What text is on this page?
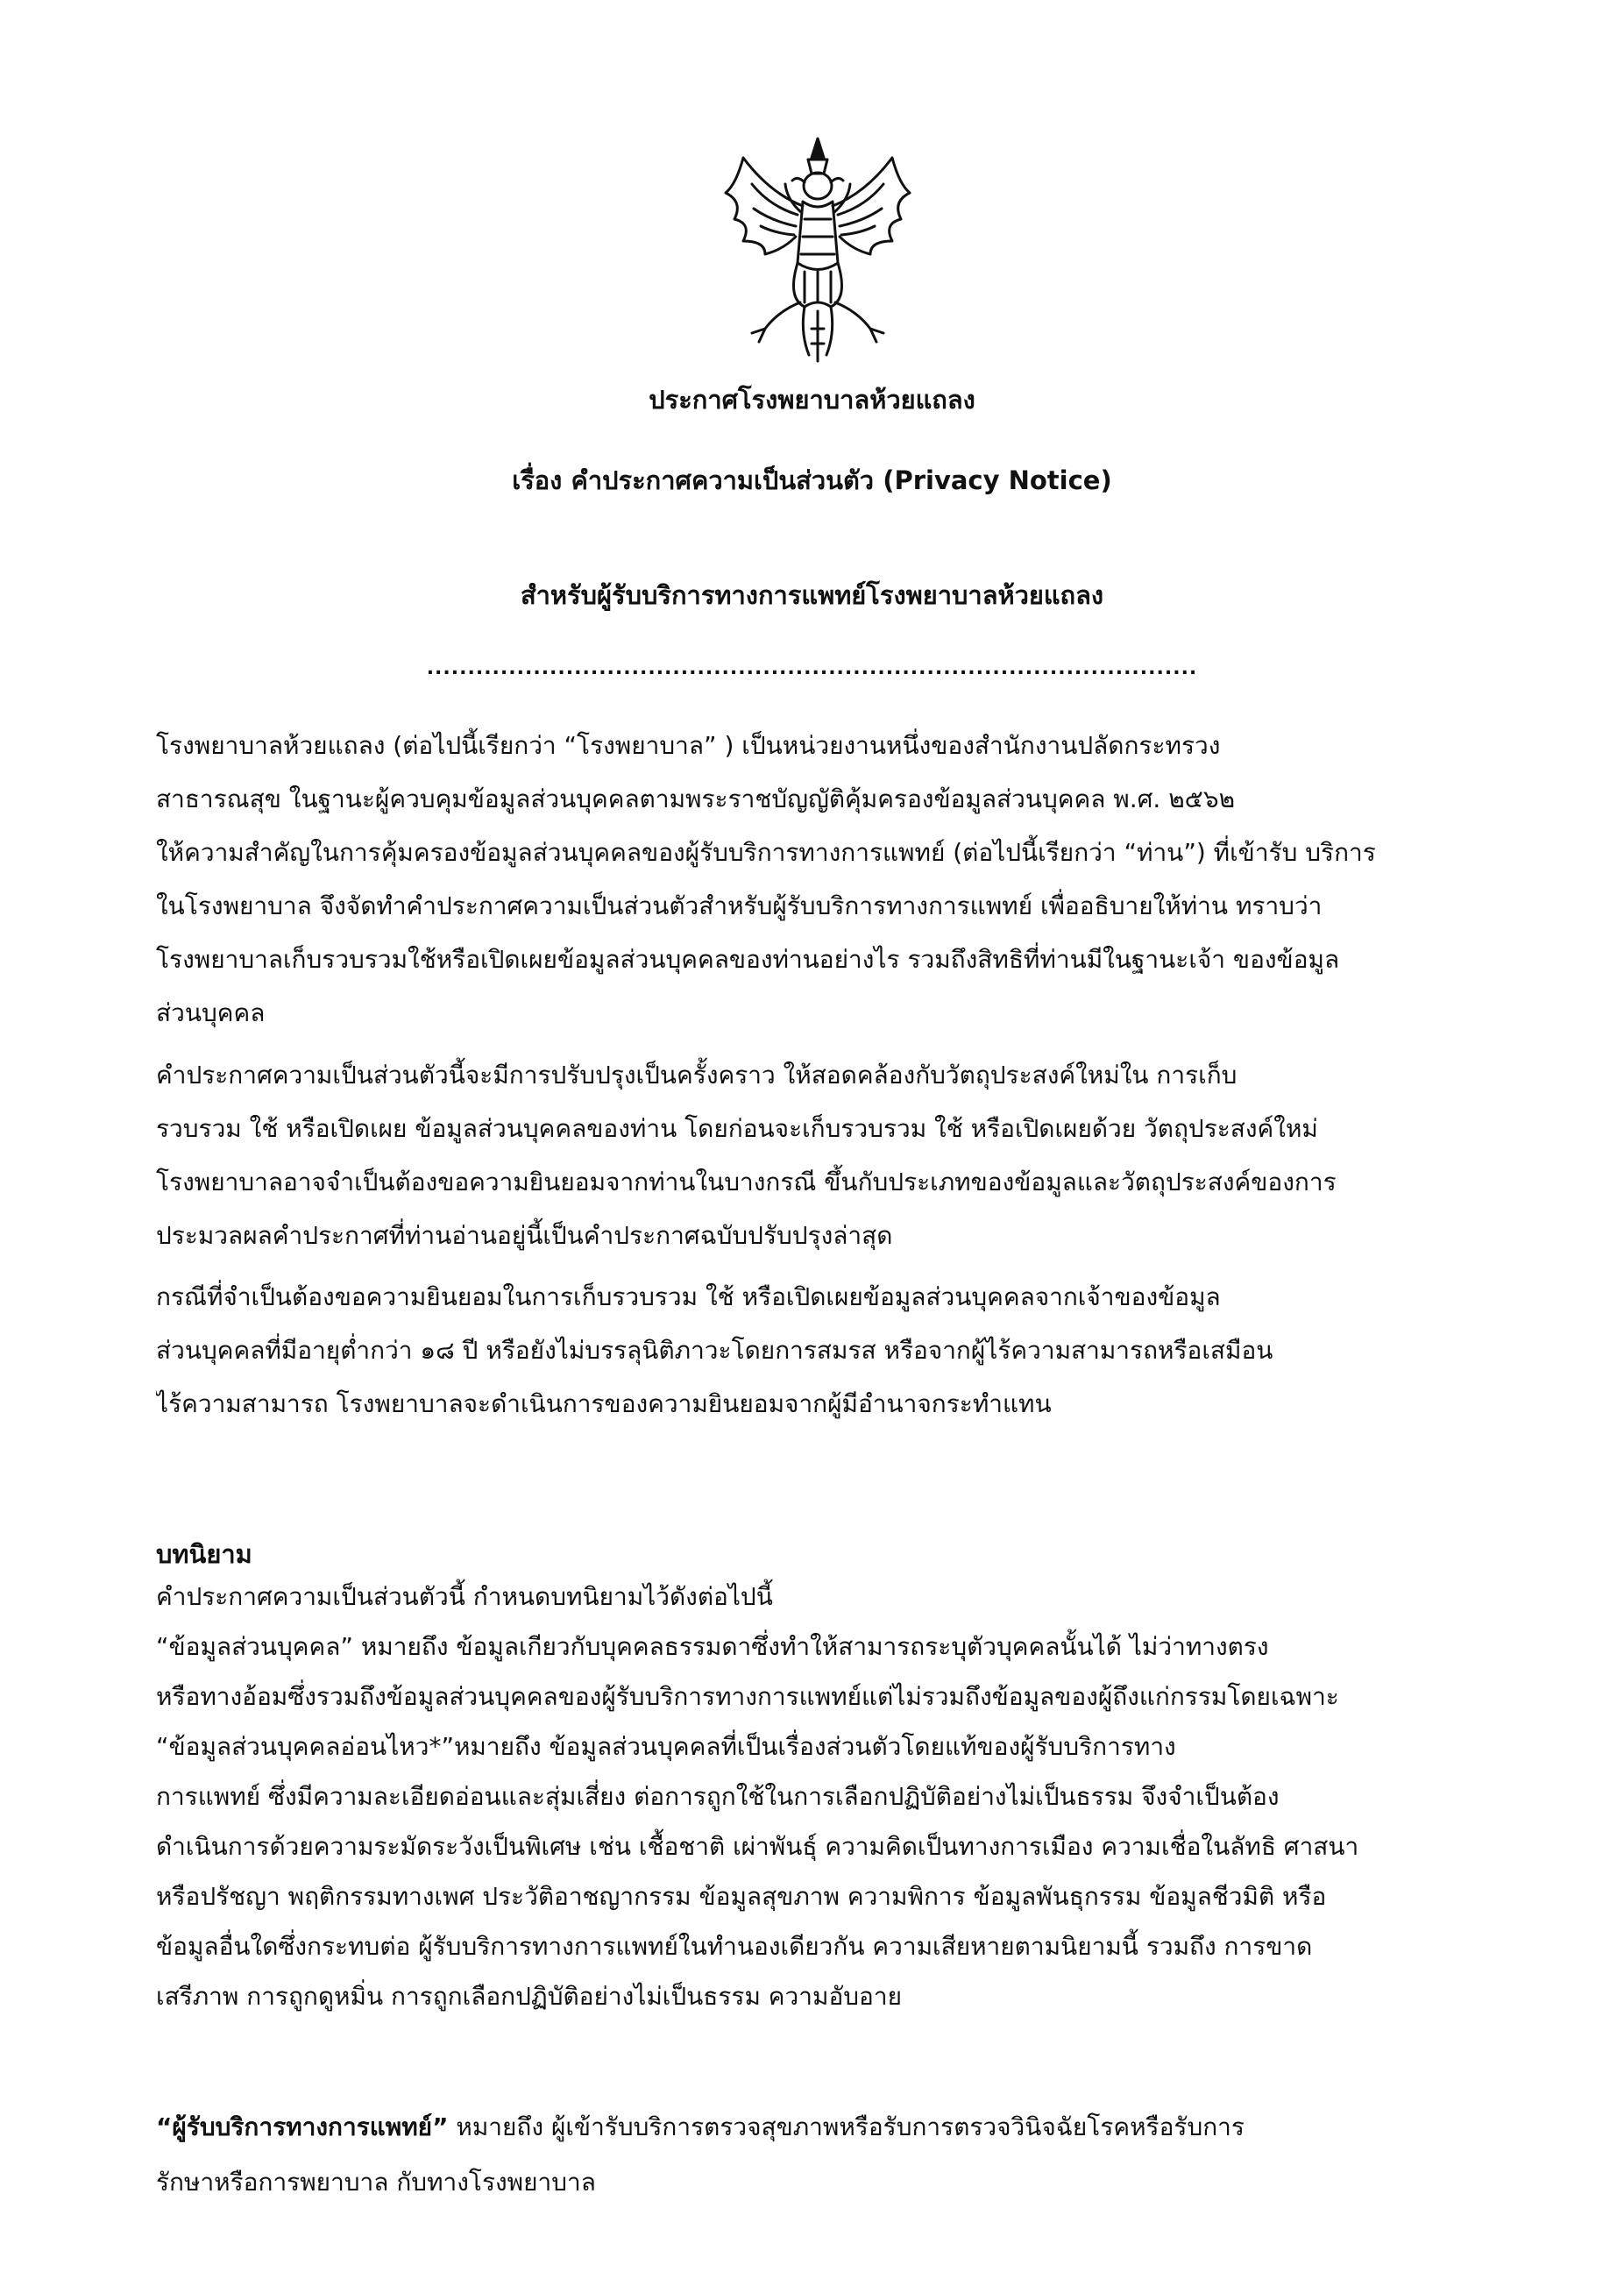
ประกาศโรงพยาบาลห้วยแถลง
เรื่อง คำประกาศความเป็นส่วนตัว (Privacy Notice)
สำหรับผู้รับบริการทางการแพทย์โรงพยาบาลห้วยแถลง
..............................................................................................
โรงพยาบาลห้วยแถลง (ต่อไปนี้เรียกว่า “โรงพยาบาล” ) เป็นหน่วยงานหนึ่งของสำนักงานปลัดกระทรวง
สาธารณสุข ในฐานะผู้ควบคุมข้อมูลส่วนบุคคลตามพระราชบัญญัติคุ้มครองข้อมูลส่วนบุคคล พ.ศ. ๒๕๖๒
ให้ความสำคัญในการคุ้มครองข้อมูลส่วนบุคคลของผู้รับบริการทางการแพทย์ (ต่อไปนี้เรียกว่า “ท่าน”) ที่เข้ารับ บริการ
ในโรงพยาบาล จึงจัดทำคำประกาศความเป็นส่วนตัวสำหรับผู้รับบริการทางการแพทย์ เพื่ออธิบายให้ท่าน ทราบว่า
โรงพยาบาลเก็บรวบรวมใช้หรือเปิดเผยข้อมูลส่วนบุคคลของท่านอย่างไร รวมถึงสิทธิที่ท่านมีในฐานะเจ้า ของข้อมูล
ส่วนบุคคล
คำประกาศความเป็นส่วนตัวนี้จะมีการปรับปรุงเป็นครั้งคราว ให้สอดคล้องกับวัตถุประสงค์ใหม่ใน การเก็บ
รวบรวม ใช้ หรือเปิดเผย ข้อมูลส่วนบุคคลของท่าน โดยก่อนจะเก็บรวบรวม ใช้ หรือเปิดเผยด้วย วัตถุประสงค์ใหม่
โรงพยาบาลอาจจำเป็นต้องขอความยินยอมจากท่านในบางกรณี ขึ้นกับประเภทของข้อมูลและวัตถุประสงค์ของการ
ประมวลผลคำประกาศที่ท่านอ่านอยู่นี้เป็นคำประกาศฉบับปรับปรุงล่าสุด
กรณีที่จำเป็นต้องขอความยินยอมในการเก็บรวบรวม ใช้ หรือเปิดเผยข้อมูลส่วนบุคคลจากเจ้าของข้อมูล
ส่วนบุคคลที่มีอายุต่ำกว่า ๑๘ ปี หรือยังไม่บรรลุนิติภาวะโดยการสมรส หรือจากผู้ไร้ความสามารถหรือเสมือน
ไร้ความสามารถ โรงพยาบาลจะดำเนินการของความยินยอมจากผู้มีอำนาจกระทำแทน
บทนิยาม
คำประกาศความเป็นส่วนตัวนี้ กำหนดบทนิยามไว้ดังต่อไปนี้
“ข้อมูลส่วนบุคคล” หมายถึง ข้อมูลเกียวกับบุคคลธรรมดาซึ่งทำให้สามารถระบุตัวบุคคลนั้นได้ ไม่ว่าทางตรง
หรือทางอ้อมซึ่งรวมถึงข้อมูลส่วนบุคคลของผู้รับบริการทางการแพทย์แต่ไม่รวมถึงข้อมูลของผู้ถึงแก่กรรมโดยเฉพาะ
“ข้อมูลส่วนบุคคลอ่อนไหว*”หมายถึง ข้อมูลส่วนบุคคลที่เป็นเรื่องส่วนตัวโดยแท้ของผู้รับบริการทาง
การแพทย์ ซึ่งมีความละเอียดอ่อนและสุ่มเสี่ยง ต่อการถูกใช้ในการเลือกปฏิบัติอย่างไม่เป็นธรรม จึงจำเป็นต้อง
ดำเนินการด้วยความระมัดระวังเป็นพิเศษ เช่น เชื้อชาติ เผ่าพันธุ์ ความคิดเป็นทางการเมือง ความเชื่อในลัทธิ ศาสนา
หรือปรัชญา พฤติกรรมทางเพศ ประวัติอาชญากรรม ข้อมูลสุขภาพ ความพิการ ข้อมูลพันธุกรรม ข้อมูลชีวมิติ หรือ
ข้อมูลอื่นใดซึ่งกระทบต่อ ผู้รับบริการทางการแพทย์ในทำนองเดียวกัน ความเสียหายตามนิยามนี้ รวมถึง การขาด
เสรีภาพ การถูกดูหมิ่น การถูกเลือกปฏิบัติอย่างไม่เป็นธรรม ความอับอาย
“ผู้รับบริการทางการแพทย์” หมายถึง ผู้เข้ารับบริการตรวจสุขภาพหรือรับการตรวจวินิจฉัยโรคหรือรับการ
รักษาหรือการพยาบาล กับทางโรงพยาบาล
